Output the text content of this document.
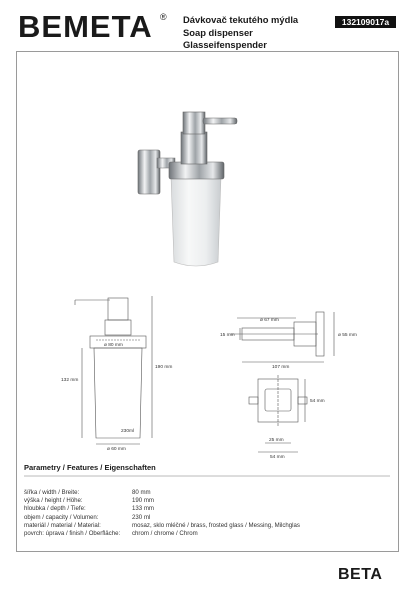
BEMETA ® Dávkovač tekutého mýdla
Soap dispenser
Glasseifenspender
132109017a
ø 80 mm
190 mm
132 mm
230ml
ø 60 mm
ø 67 mm
ø 55 mm
15 mm
107 mm
54 mm
25 mm
54 mm
Parametry / Features / Eigenschaften
šířka / width / Breite:	80 mm
výška / height / Höhe:	190 mm
hloubka / depth / Tiefe:	133 mm
objem / capacity / Volumen:	230 ml
materiál / material / Material:	mosaz, sklo mléčné / brass, frosted glass / Messing, Milchglas
povrch: úprava / finish / Oberfläche:	chrom / chrome / Chrom
BETA
